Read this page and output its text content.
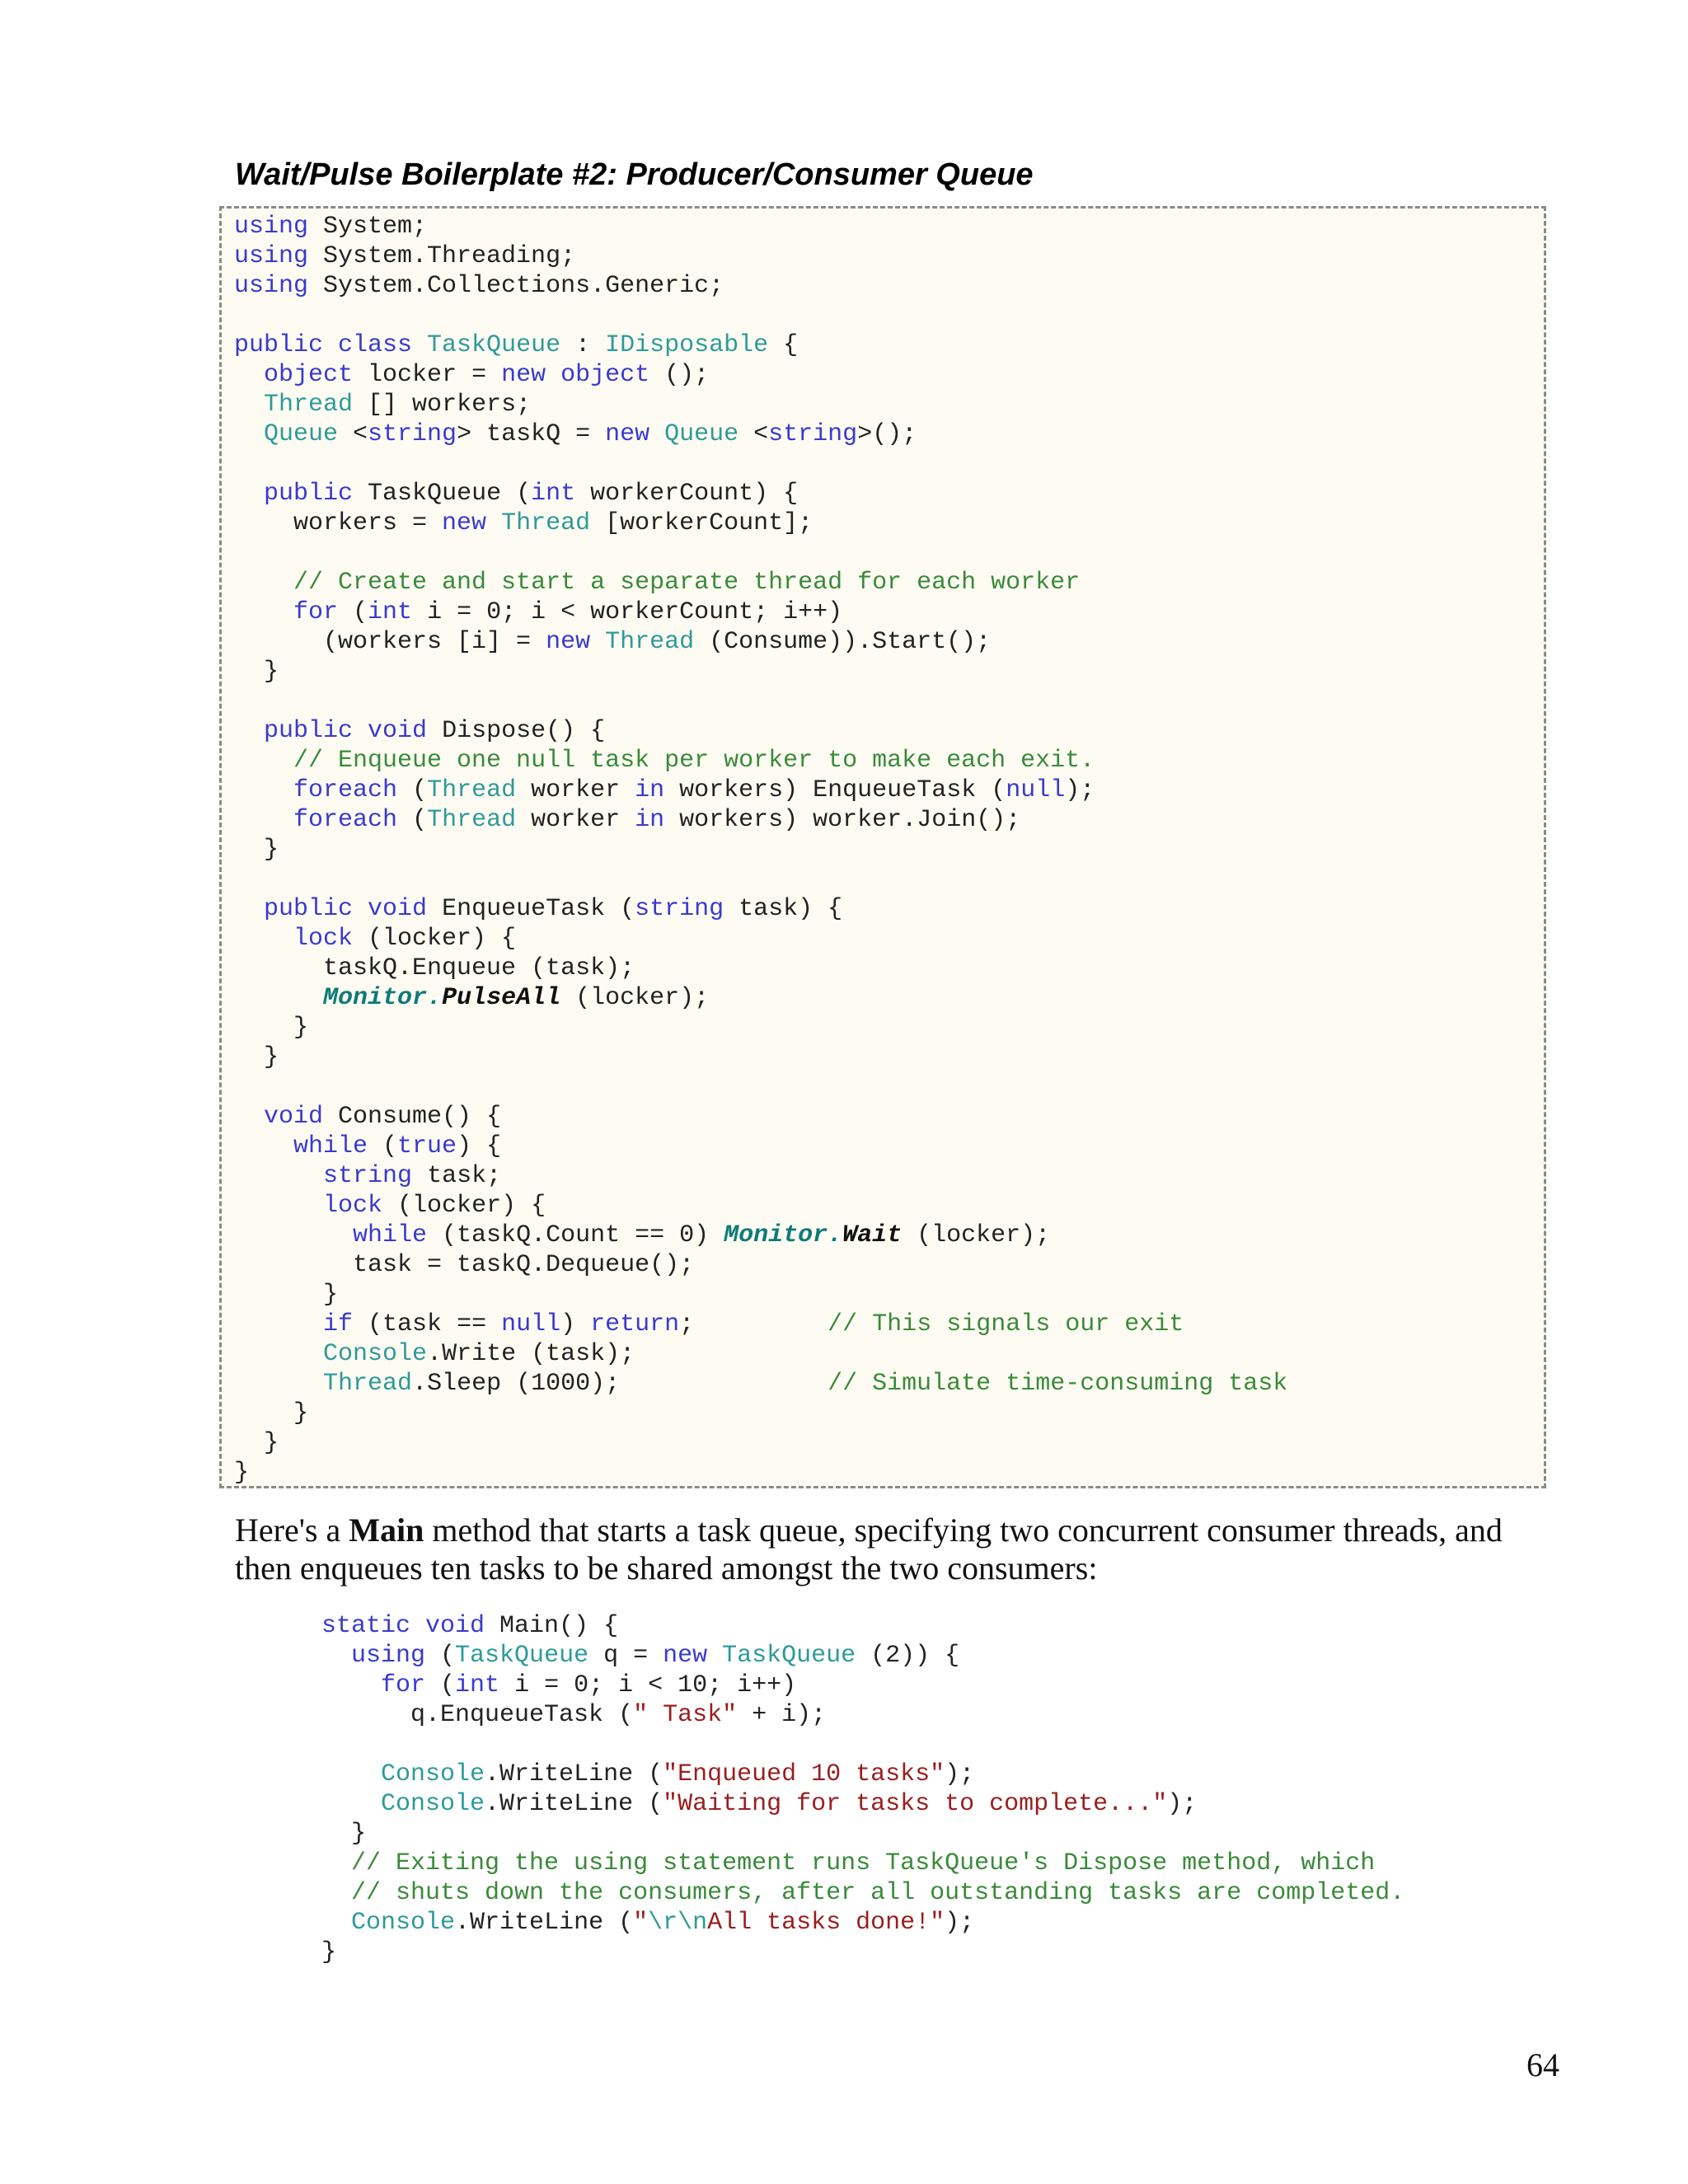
Wait/Pulse Boilerplate #2: Producer/Consumer Queue
using System;
using System.Threading;
using System.Collections.Generic;
public class TaskQueue : IDisposable {
object locker = new object ();
Thread [] workers;
Queue <string> taskQ = new Queue <string>();
public TaskQueue (int workerCount) {
workers = new Thread [workerCount];
// Create and start a separate thread for each worker
for (int i = 0; i < workerCount; i++)
(workers [i] = new Thread (Consume)).Start();
}
public void Dispose() {
// Enqueue one null task per worker to make each exit.
foreach (Thread worker in workers) EnqueueTask (null);
foreach (Thread worker in workers) worker.Join();
}
public void EnqueueTask (string task) {
lock (locker) {
taskQ.Enqueue (task);
Monitor.PulseAll (locker);
}
}
void Consume() {
while (true) {
string task;
lock (locker) {
while (taskQ.Count == 0) Monitor.Wait (locker);
task = taskQ.Dequeue();
}
if (task == null) return;         // This signals our exit
Console.Write (task);
Thread.Sleep (1000);              // Simulate time-consuming task
}
}
}
Here's a Main method that starts a task queue, specifying two concurrent consumer threads, and then enqueues ten tasks to be shared amongst the two consumers:
static void Main() {
using (TaskQueue q = new TaskQueue (2)) {
for (int i = 0; i < 10; i++)
q.EnqueueTask (" Task" + i);
Console.WriteLine ("Enqueued 10 tasks");
Console.WriteLine ("Waiting for tasks to complete...");
}
// Exiting the using statement runs TaskQueue's Dispose method, which
// shuts down the consumers, after all outstanding tasks are completed.
Console.WriteLine ("\r\nAll tasks done!");
}
64
